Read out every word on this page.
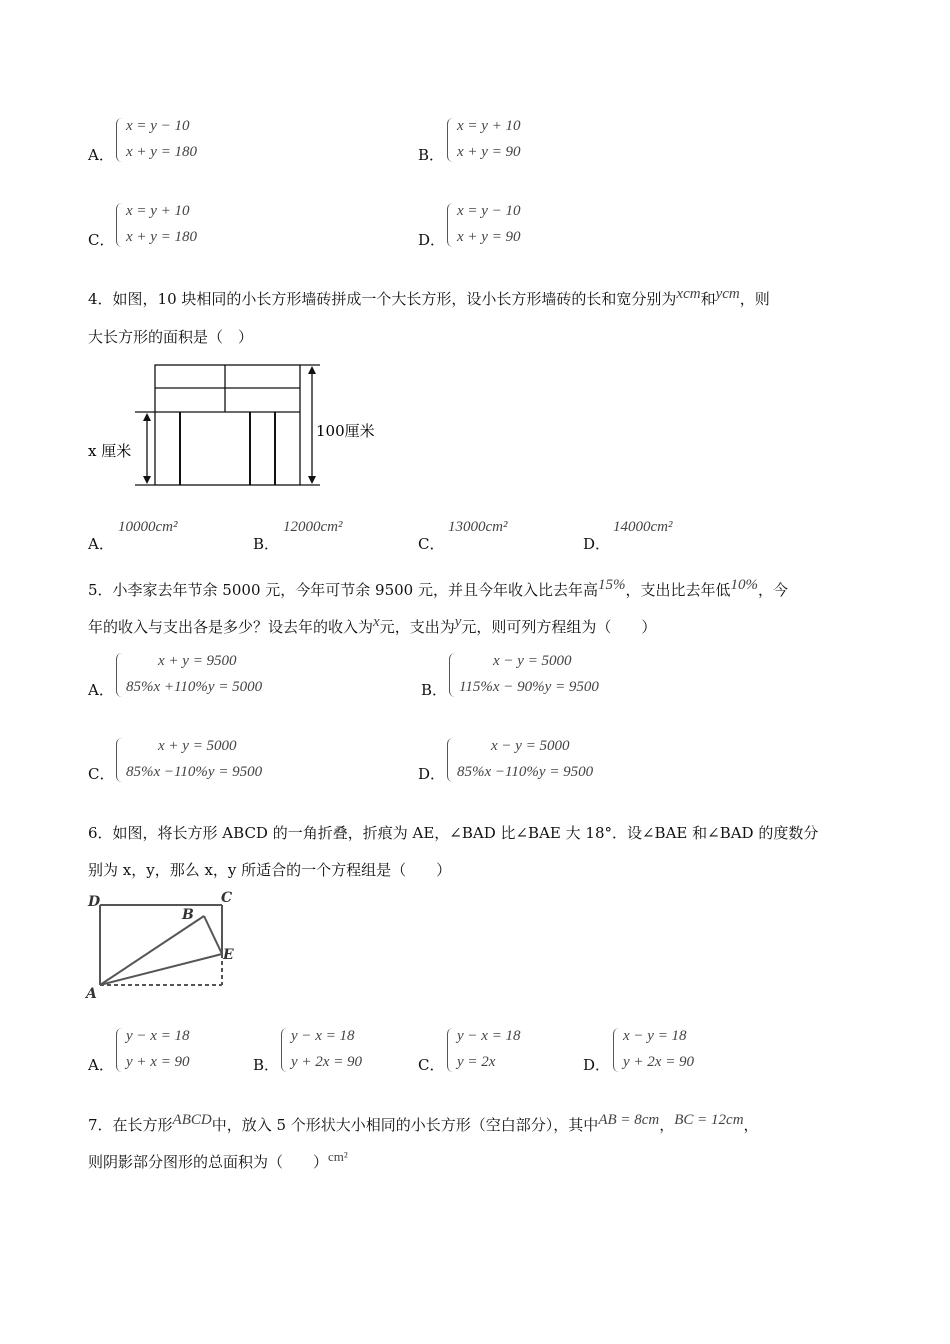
A．
x = y − 10
x + y = 180	B．
x = y + 10
x + y = 90
C．
x = y + 10
x + y = 180	D．
x = y − 10
x + y = 90
4．如图，10 块相同的小长方形墙砖拼成一个大长方形，设小长方形墙砖的长和宽分别为xcm和ycm，则
大长方形的面积是（　）
x 厘米
100厘米
A．
10000cm²
B．
12000cm²
C．
13000cm²
D．
14000cm²
5．小李家去年节余 5000 元，今年可节余 9500 元，并且今年收入比去年高15%，支出比去年低10%，今
年的收入与支出各是多少？设去年的收入为x元，支出为y元，则可列方程组为（　　）
A．
x + y = 9500
85%x +110%y = 5000	B．
x − y = 5000
115%x − 90%y = 9500
C．
x + y = 5000
85%x −110%y = 9500	D．
x − y = 5000
85%x −110%y = 9500
6．如图，将长方形 ABCD 的一角折叠，折痕为 AE，∠BAD 比∠BAE 大 18°．设∠BAE 和∠BAD 的度数分
别为 x，y，那么 x，y 所适合的一个方程组是（　　）
D	C
B
E
A
A．
y − x = 18
y + x = 90	B．
y − x = 18
y + 2x = 90	C．
y − x = 18
y = 2x	D．
x − y = 18
y + 2x = 90
7．在长方形ABCD中，放入 5 个形状大小相同的小长方形（空白部分），其中AB = 8cm，BC = 12cm，
则阴影部分图形的总面积为（　　）cm²
